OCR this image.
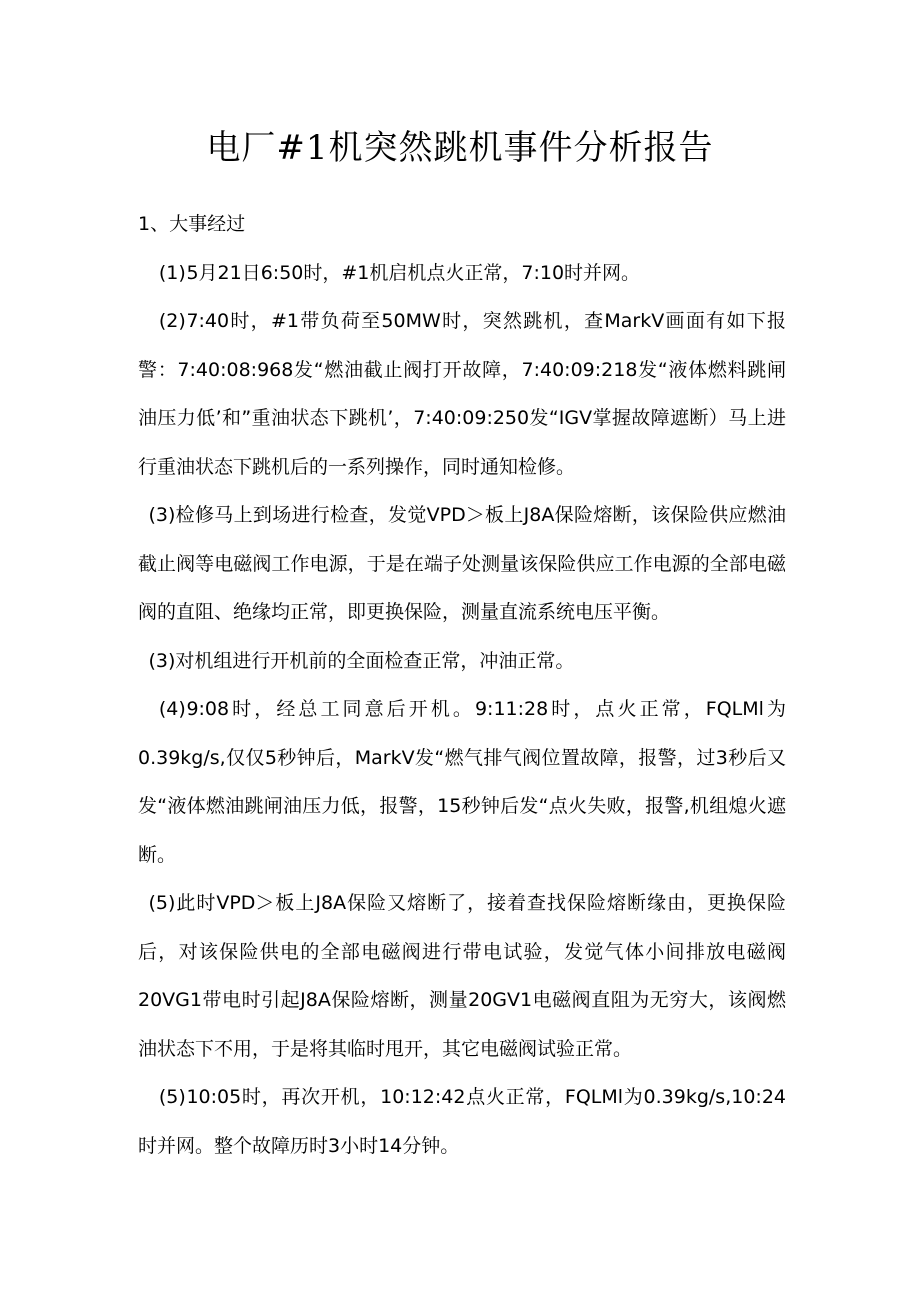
电厂#1机突然跳机事件分析报告

1、大事经过

(1)5月21日6:50时，#1机启机点火正常，7:10时并网。

(2)7:40时，#1带负荷至50MW时，突然跳机，查MarkV画面有如下报警：7:40:08:968发“燃油截止阀打开故障，7:40:09:218发“液体燃料跳闸油压力低’和”重油状态下跳机’，7:40:09:250发“IGV掌握故障遮断）马上进行重油状态下跳机后的一系列操作，同时通知检修。

(3)检修马上到场进行检查，发觉VPD＞板上J8A保险熔断，该保险供应燃油截止阀等电磁阀工作电源，于是在端子处测量该保险供应工作电源的全部电磁阀的直阻、绝缘均正常，即更换保险，测量直流系统电压平衡。

(3)对机组进行开机前的全面检查正常，冲油正常。

(4)9:08时，经总工同意后开机。9:11:28时，点火正常，FQLMl为0.39kg∕s,仅仅5秒钟后，MarkV发“燃气排气阀位置故障，报警，过3秒后又发“液体燃油跳闸油压力低，报警，15秒钟后发“点火失败，报警,机组熄火遮断。

(5)此时VPD＞板上J8A保险又熔断了，接着查找保险熔断缘由，更换保险后，对该保险供电的全部电磁阀进行带电试验，发觉气体小间排放电磁阀20VG1带电时引起J8A保险熔断，测量20GV1电磁阀直阻为无穷大，该阀燃油状态下不用，于是将其临时甩开，其它电磁阀试验正常。

(5)10:05时，再次开机，10:12:42点火正常，FQLMl为0.39kg∕s,10:24时并网。整个故障历时3小时14分钟。
